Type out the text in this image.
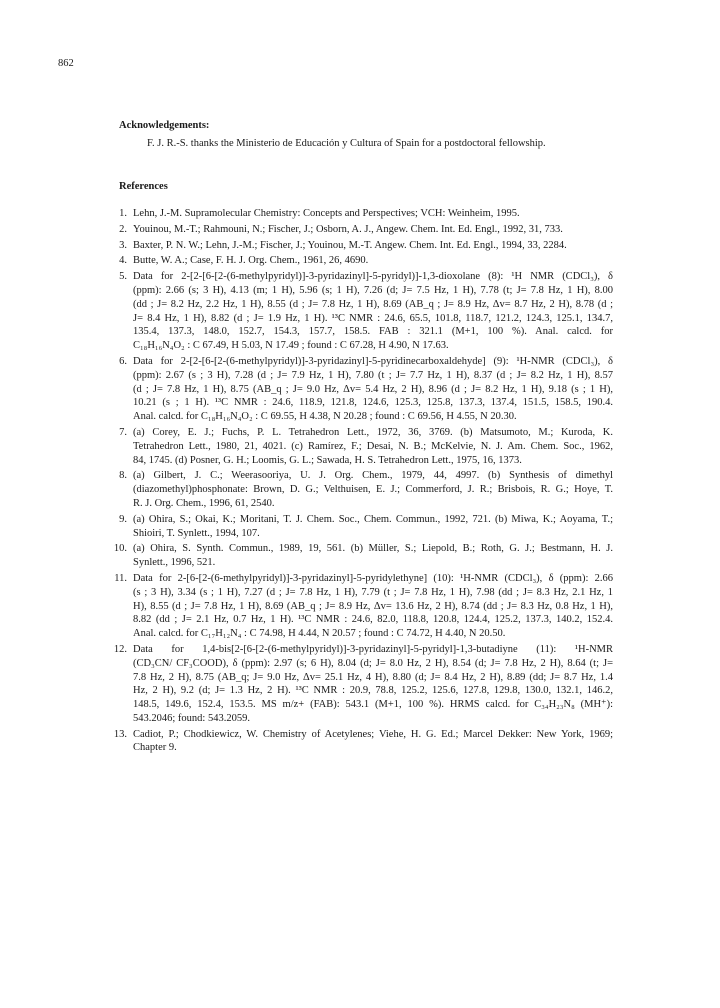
862
Acknowledgements:
F. J. R.-S. thanks the Ministerio de Educación y Cultura of Spain for a postdoctoral fellowship.
References
1. Lehn, J.-M. Supramolecular Chemistry: Concepts and Perspectives; VCH: Weinheim, 1995.
2. Youinou, M.-T.; Rahmouni, N.; Fischer, J.; Osborn, A. J., Angew. Chem. Int. Ed. Engl., 1992, 31, 733.
3. Baxter, P. N. W.; Lehn, J.-M.; Fischer, J.; Youinou, M.-T. Angew. Chem. Int. Ed. Engl., 1994, 33, 2284.
4. Butte, W. A.; Case, F. H. J. Org. Chem., 1961, 26, 4690.
5. Data for 2-[2-[6-[2-(6-methylpyridyl)]-3-pyridazinyl]-5-pyridyl)]-1,3-dioxolane (8): ¹H NMR (CDCl₃), δ
(ppm): 2.66 (s; 3 H), 4.13 (m; 1 H), 5.96 (s; 1 H), 7.26 (d; J= 7.5 Hz, 1 H), 7.78 (t; J= 7.8 Hz, 1 H), 8.00
(dd ; J= 8.2 Hz, 2.2 Hz, 1 H), 8.55 (d ; J= 7.8 Hz, 1 H), 8.69 (AB_q ; J= 8.9 Hz, Δv= 8.7 Hz, 2 H), 8.78 (d ;
J= 8.4 Hz, 1 H), 8.82 (d ; J= 1.9 Hz, 1 H). ¹³C NMR : 24.6, 65.5, 101.8, 118.7, 121.2, 124.3, 125.1, 134.7,
135.4, 137.3, 148.0, 152.7, 154.3, 157.7, 158.5. FAB : 321.1 (M+1, 100 %). Anal. calcd. for
C₁₈H₁₆N₄O₂ : C 67.49, H 5.03, N 17.49 ; found : C 67.28, H 4.90, N 17.63.
6. Data for 2-[2-[6-[2-(6-methylpyridyl)]-3-pyridazinyl]-5-pyridinecarboxaldehyde] (9): ¹H-NMR (CDCl₃), δ
(ppm): 2.67 (s ; 3 H), 7.28 (d ; J= 7.9 Hz, 1 H), 7.80 (t ; J= 7.7 Hz, 1 H), 8.37 (d ; J= 8.2 Hz, 1 H), 8.57
(d ; J= 7.8 Hz, 1 H), 8.75 (AB_q ; J= 9.0 Hz, Δv= 5.4 Hz, 2 H), 8.96 (d ; J= 8.2 Hz, 1 H), 9.18 (s ; 1 H),
10.21 (s ; 1 H). ¹³C NMR : 24.6, 118.9, 121.8, 124.6, 125.3, 125.8, 137.3, 137.4, 151.5, 158.5, 190.4.
Anal. calcd. for C₁₈H₁₆N₄O₂ : C 69.55, H 4.38, N 20.28 ; found : C 69.56, H 4.55, N 20.30.
7. (a) Corey, E. J.; Fuchs, P. L. Tetrahedron Lett., 1972, 36, 3769. (b) Matsumoto, M.; Kuroda, K.
Tetrahedron Lett., 1980, 21, 4021. (c) Ramírez, F.; Desai, N. B.; McKelvie, N. J. Am. Chem. Soc., 1962,
84, 1745. (d) Posner, G. H.; Loomis, G. L.; Sawada, H. S. Tetrahedron Lett., 1975, 16, 1373.
8. (a) Gilbert, J. C.; Weerasooriya, U. J. Org. Chem., 1979, 44, 4997. (b) Synthesis of dimethyl
(diazomethyl)phosphonate: Brown, D. G.; Velthuisen, E. J.; Commerford, J. R.; Brisbois, R. G.; Hoye, T.
R. J. Org. Chem., 1996, 61, 2540.
9. (a) Ohira, S.; Okai, K.; Moritani, T. J. Chem. Soc., Chem. Commun., 1992, 721. (b) Miwa, K.; Aoyama, T.;
Shioiri, T. Synlett., 1994, 107.
10. (a) Ohira, S. Synth. Commun., 1989, 19, 561. (b) Müller, S.; Liepold, B.; Roth, G. J.; Bestmann, H. J.
Synlett., 1996, 521.
11. Data for 2-[6-[2-(6-methylpyridyl)]-3-pyridazinyl]-5-pyridylethyne] (10): ¹H-NMR (CDCl₃), δ (ppm): 2.66
(s ; 3 H), 3.34 (s ; 1 H), 7.27 (d ; J= 7.8 Hz, 1 H), 7.79 (t ; J= 7.8 Hz, 1 H), 7.98 (dd ; J= 8.3 Hz, 2.1 Hz, 1
H), 8.55 (d ; J= 7.8 Hz, 1 H), 8.69 (AB_q ; J= 8.9 Hz, Δv= 13.6 Hz, 2 H), 8.74 (dd ; J= 8.3 Hz, 0.8 Hz, 1 H),
8.82 (dd ; J= 2.1 Hz, 0.7 Hz, 1 H). ¹³C NMR : 24.6, 82.0, 118.8, 120.8, 124.4, 125.2, 137.3, 140.2, 152.4.
Anal. calcd. for C₁₇H₁₂N₄ : C 74.98, H 4.44, N 20.57 ; found : C 74.72, H 4.40, N 20.50.
12. Data for 1,4-bis[2-[6-[2-(6-methylpyridyl)]-3-pyridazinyl]-5-pyridyl]-1,3-butadiyne (11): ¹H-NMR
(CD₃CN/ CF₃COOD), δ (ppm): 2.97 (s; 6 H), 8.04 (d; J= 8.0 Hz, 2 H), 8.54 (d; J= 7.8 Hz, 2 H), 8.64 (t; J=
7.8 Hz, 2 H), 8.75 (AB_q; J= 9.0 Hz, Δv= 25.1 Hz, 4 H), 8.80 (d; J= 8.4 Hz, 2 H), 8.89 (dd; J= 8.7 Hz, 1.4
Hz, 2 H), 9.2 (d; J= 1.3 Hz, 2 H). ¹³C NMR : 20.9, 78.8, 125.2, 125.6, 127.8, 129.8, 130.0, 132.1, 146.2,
148.5, 149.6, 152.4, 153.5. MS m/z+ (FAB): 543.1 (M+1, 100 %). HRMS calcd. for C₃₄H₂₃N₈ (MH⁺):
543.2046; found: 543.2059.
13. Cadiot, P.; Chodkiewicz, W. Chemistry of Acetylenes; Viehe, H. G. Ed.; Marcel Dekker: New York, 1969;
Chapter 9.
